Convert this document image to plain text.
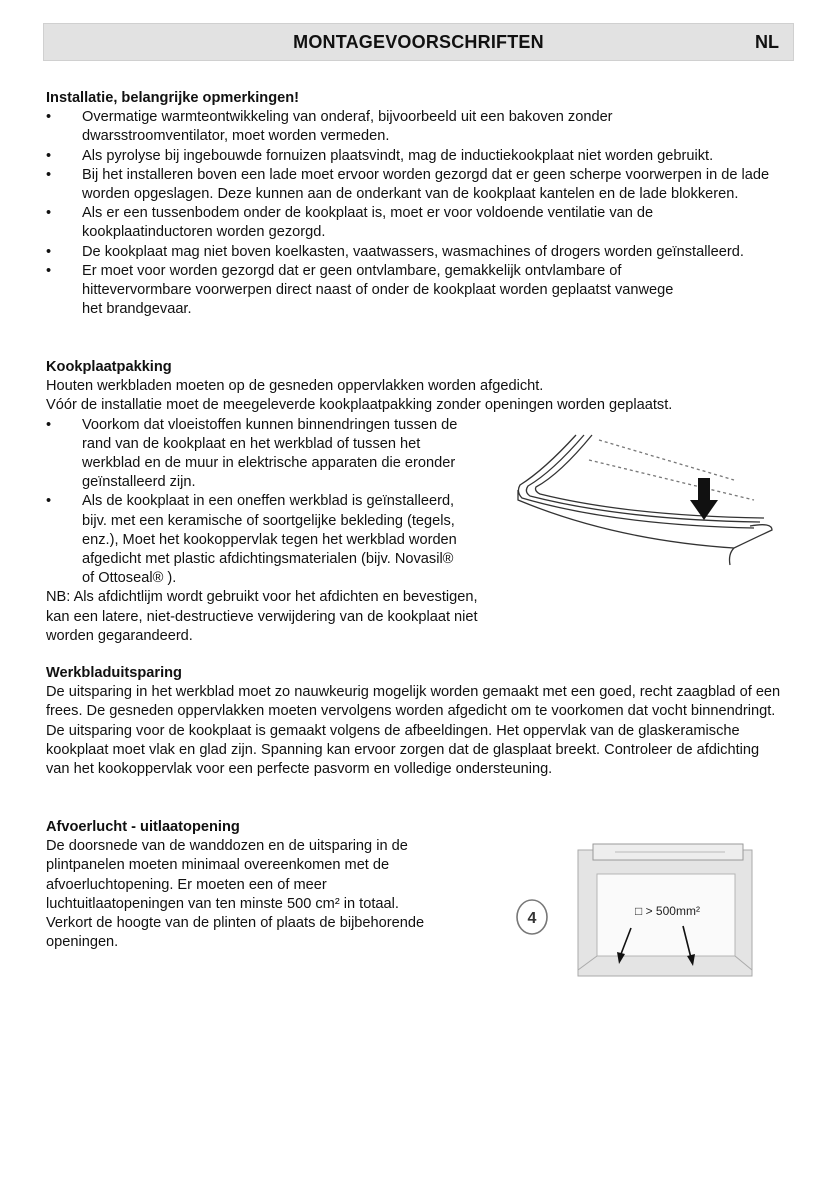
MONTAGEVOORSCHRIFTEN	NL
Installatie, belangrijke opmerkingen!
• Overmatige warmteontwikkeling van onderaf, bijvoorbeeld uit een bakoven zonder dwarsstroomventilator, moet worden vermeden.
• Als pyrolyse bij ingebouwde fornuizen plaatsvindt, mag de inductiekookplaat niet worden gebruikt.
• Bij het installeren boven een lade moet ervoor worden gezorgd dat er geen scherpe voorwerpen in de lade worden opgeslagen. Deze kunnen aan de onderkant van de kookplaat kantelen en de lade blokkeren.
• Als er een tussenbodem onder de kookplaat is, moet er voor voldoende ventilatie van de kookplaatinductoren worden gezorgd.
• De kookplaat mag niet boven koelkasten, vaatwassers, wasmachines of drogers worden geïnstalleerd.
• Er moet voor worden gezorgd dat er geen ontvlambare, gemakkelijk ontvlambare of hittevervormbare voorwerpen direct naast of onder de kookplaat worden geplaatst vanwege het brandgevaar.
Kookplaatpakking

Houten werkbladen moeten op de gesneden oppervlakken worden afgedicht.

Vóór de installatie moet de meegeleverde kookplaatpakking zonder openingen worden geplaatst.

• Voorkom dat vloeistoffen kunnen binnendringen tussen de rand van de kookplaat en het werkblad of tussen het werkblad en de muur in elektrische apparaten die eronder geïnstalleerd zijn.
• Als de kookplaat in een oneffen werkblad is geïnstalleerd, bijv. met een keramische of soortgelijke bekleding (tegels, enz.), Moet het kookoppervlak tegen het werkblad worden afgedicht met plastic afdichtingsmaterialen (bijv. Novasil® of Ottoseal® ).

NB: Als afdichtlijm wordt gebruikt voor het afdichten en bevestigen, kan een latere, niet-destructieve verwijdering van de kookplaat niet worden gegarandeerd.

Werkbladuitsparing

De uitsparing in het werkblad moet zo nauwkeurig mogelijk worden gemaakt met een goed, recht zaagblad of een frees. De gesneden oppervlakken moeten vervolgens worden afgedicht om te voorkomen dat vocht binnendringt.

De uitsparing voor de kookplaat is gemaakt volgens de afbeeldingen. Het oppervlak van de glaskeramische kookplaat moet vlak en glad zijn. Spanning kan ervoor zorgen dat de glasplaat breekt. Controleer de afdichting van het kookoppervlak voor een perfecte pasvorm en volledige ondersteuning.

Afvoerlucht - uitlaatopening

De doorsnede van de wanddozen en de uitsparing in de plintpanelen moeten minimaal overeenkomen met de afvoerluchtopening. Er moeten een of meer luchtuitlaatopeningen van ten minste 500 cm² in totaal. Verkort de hoogte van de plinten of plaats de bijbehorende openingen.

4	□ > 500mm²
